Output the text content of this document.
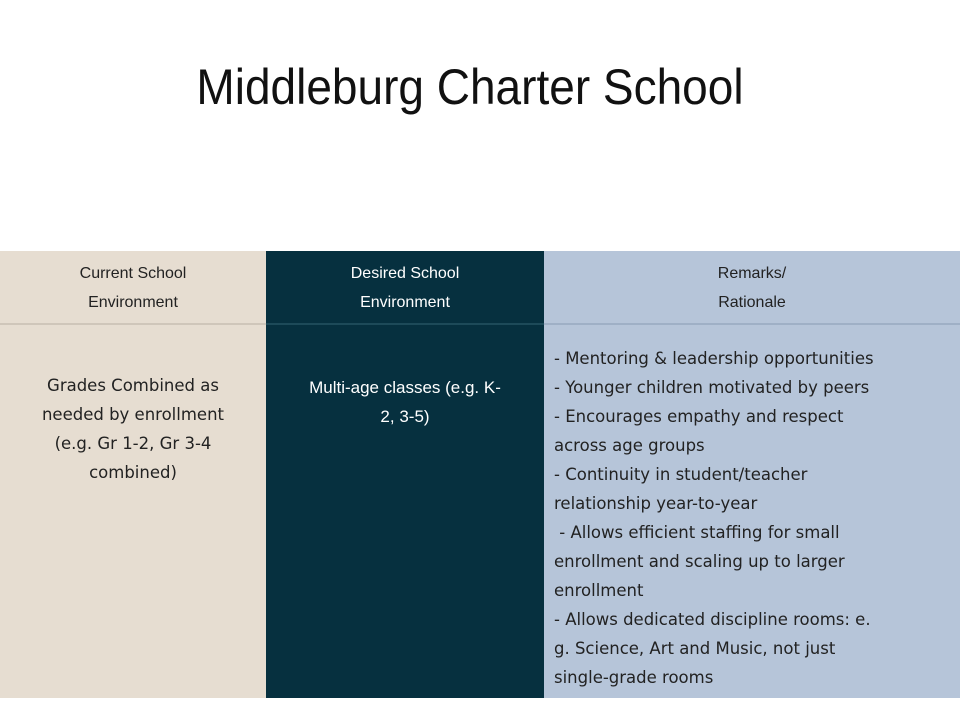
Middleburg Charter School
Current School
Environment
Grades Combined as
needed by enrollment
(e.g. Gr 1-2, Gr 3-4
combined)
Desired School
Environment
Multi-age classes (e.g. K-
2, 3-5)
Remarks/
Rationale
- Mentoring & leadership opportunities
- Younger children motivated by peers
- Encourages empathy and respect
across age groups
- Continuity in student/teacher
relationship year-to-year
- Allows efficient staffing for small
enrollment and scaling up to larger
enrollment
- Allows dedicated discipline rooms: e.
g. Science, Art and Music, not just
single-grade rooms
